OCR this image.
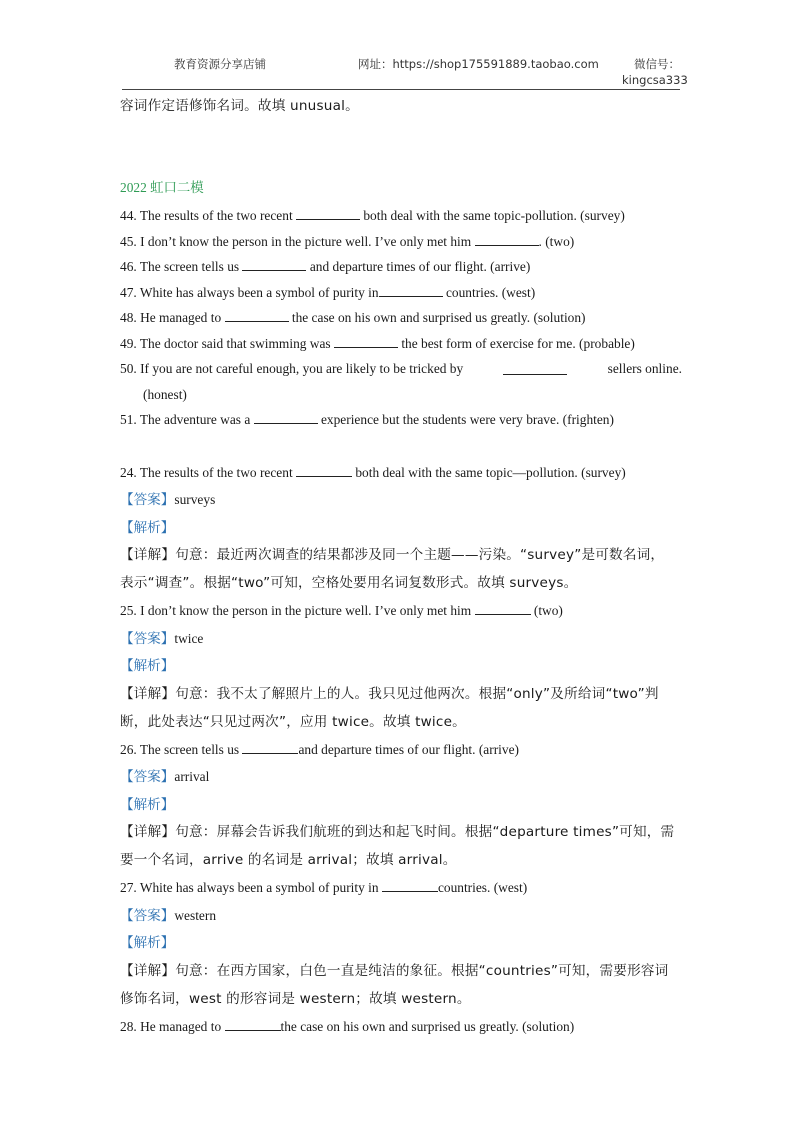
教育资源分享店铺	网址：https://shop175591889.taobao.com	微信号：
kingcsa333
容词作定语修饰名词。故填 unusual。
2022 虹口二模
44. The results of the two recent	both deal with the same topic-pollution. (survey)
45. I don’t know the person in the picture well. I’ve only met him	. (two)
46. The screen tells us	and departure times of our flight. (arrive)
47. White has always been a symbol of purity in	countries. (west)
48. He managed to	the case on his own and surprised us greatly. (solution)
49. The doctor said that swimming was	the best form of exercise for me. (probable)
50. If you are not careful enough, you are likely to be tricked by	sellers online.
(honest)
51. The adventure was a	experience but the students were very brave. (frighten)
24. The results of the two recent	both deal with the same topic—pollution. (survey)
【答案】surveys
【解析】
【详解】句意：最近两次调查的结果都涉及同一个主题——污染。“survey”是可数名词，
表示“调查”。根据“two”可知，空格处要用名词复数形式。故填 surveys。
25. I don’t know the person in the picture well. I’ve only met him	(two)
【答案】twice
【解析】
【详解】句意：我不太了解照片上的人。我只见过他两次。根据“only”及所给词“two”判
断，此处表达“只见过两次”，应用 twice。故填 twice。
26. The screen tells us	and departure times of our flight. (arrive)
【答案】arrival
【解析】
【详解】句意：屏幕会告诉我们航班的到达和起飞时间。根据“departure times”可知，需
要一个名词，arrive 的名词是 arrival；故填 arrival。
27. White has always been a symbol of purity in	countries. (west)
【答案】western
【解析】
【详解】句意：在西方国家，白色一直是纯洁的象征。根据“countries”可知，需要形容词
修饰名词，west 的形容词是 western；故填 western。
28. He managed to	the case on his own and surprised us greatly. (solution)
